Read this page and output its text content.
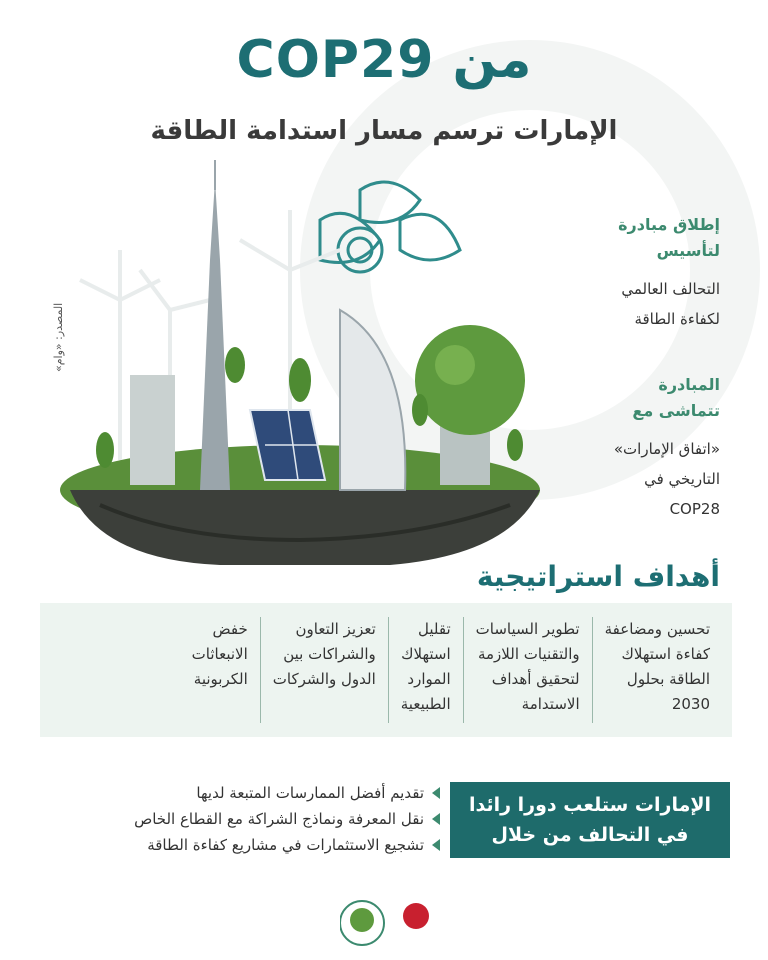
من COP29
الإمارات ترسم مسار استدامة الطاقة
المصدر: «وام»
إطلاق مبادرة
لتأسيس
التحالف العالمي
لكفاءة الطاقة
المبادرة
تتماشى مع
«اتفاق الإمارات»
التاريخي في
COP28
أهداف استراتيجية
تحسين ومضاعفة
كفاءة استهلاك
الطاقة بحلول
2030
تطوير السياسات
والتقنيات اللازمة
لتحقيق أهداف
الاستدامة
تقليل
استهلاك
الموارد
الطبيعية
تعزيز التعاون
والشراكات بين
الدول والشركات
خفض
الانبعاثات
الكربونية
الإمارات ستلعب دورا رائدا
في التحالف من خلال
تقديم أفضل الممارسات المتبعة لديها
نقل المعرفة ونماذج الشراكة مع القطاع الخاص
تشجيع الاستثمارات في مشاريع كفاءة الطاقة
